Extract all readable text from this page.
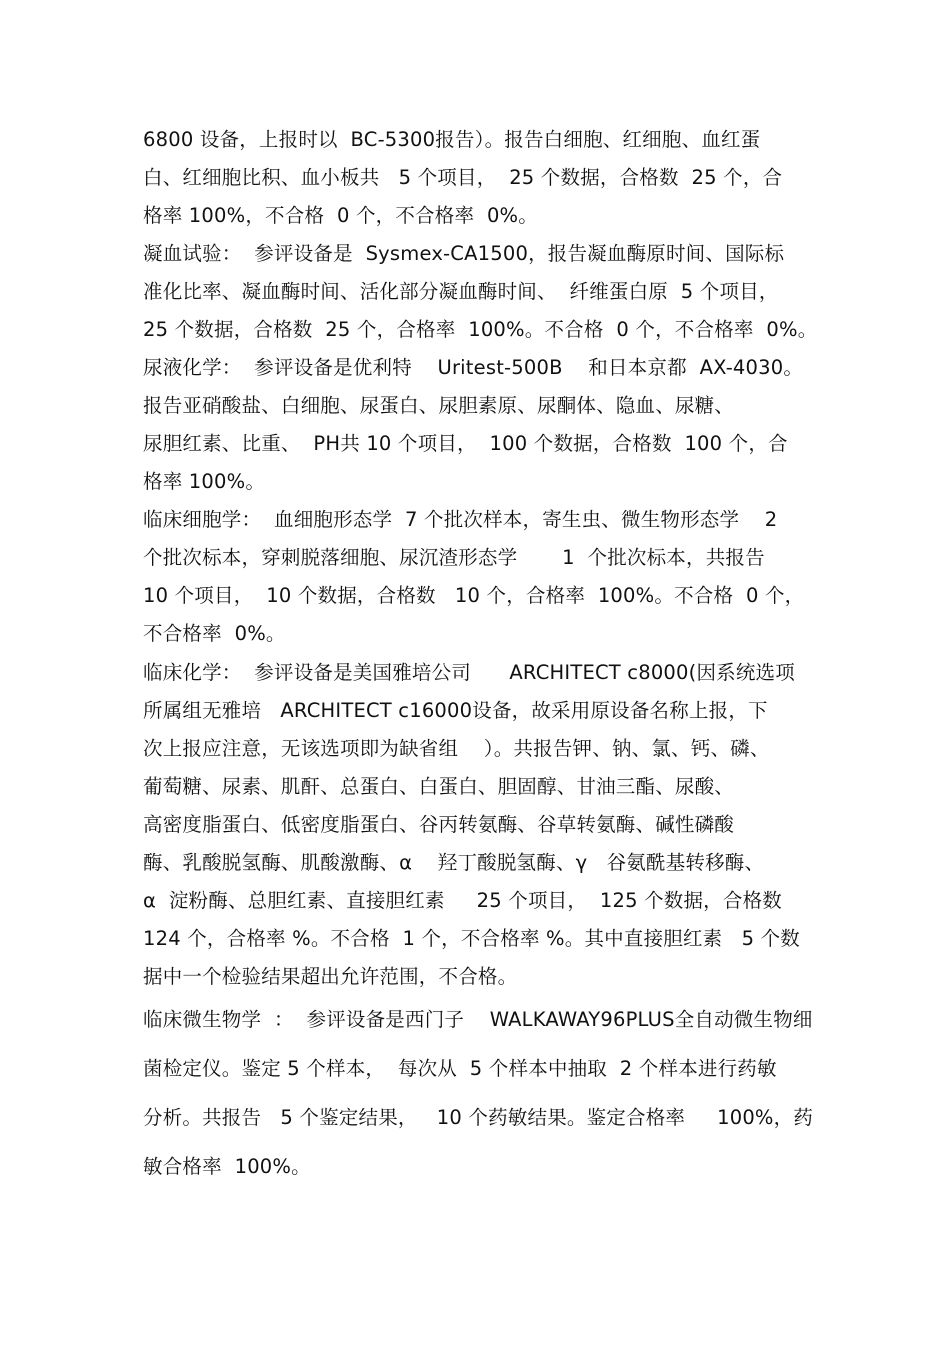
6800 设备，上报时以  BC-5300报告）。报告白细胞、红细胞、血红蛋
白、红细胞比积、血小板共   5 个项目，  25 个数据，合格数  25 个，合
格率 100%，不合格  0 个，不合格率  0%。
凝血试验：  参评设备是  Sysmex-CA1500，报告凝血酶原时间、国际标
准化比率、凝血酶时间、活化部分凝血酶时间、  纤维蛋白原  5 个项目，
25 个数据，合格数  25 个，合格率  100%。不合格  0 个，不合格率  0%。
尿液化学：  参评设备是优利特    Uritest-500B    和日本京都  AX-4030。
报告亚硝酸盐、白细胞、尿蛋白、尿胆素原、尿酮体、隐血、尿糖、
尿胆红素、比重、  PH共 10 个项目，  100 个数据，合格数  100 个，合
格率 100%。
临床细胞学：  血细胞形态学  7 个批次样本，寄生虫、微生物形态学    2
个批次标本，穿刺脱落细胞、尿沉渣形态学       1  个批次标本，共报告
10 个项目，  10 个数据，合格数   10 个，合格率  100%。不合格  0 个，
不合格率  0%。
临床化学：  参评设备是美国雅培公司      ARCHITECT c8000(因系统选项
所属组无雅培   ARCHITECT c16000设备，故采用原设备名称上报，下
次上报应注意，无该选项即为缺省组    ）。共报告钾、钠、氯、钙、磷、
葡萄糖、尿素、肌酐、总蛋白、白蛋白、胆固醇、甘油三酯、尿酸、
高密度脂蛋白、低密度脂蛋白、谷丙转氨酶、谷草转氨酶、碱性磷酸
酶、乳酸脱氢酶、肌酸激酶、α    羟丁酸脱氢酶、γ   谷氨酰基转移酶、
α  淀粉酶、总胆红素、直接胆红素     25 个项目，  125 个数据，合格数
124 个，合格率 %。不合格  1 个，不合格率 %。其中直接胆红素   5 个数
据中一个检验结果超出允许范围，不合格。
临床微生物学  ：  参评设备是西门子    WALKAWAY96PLUS全自动微生物细
菌检定仪。鉴定 5 个样本，  每次从  5 个样本中抽取  2 个样本进行药敏
分析。共报告   5 个鉴定结果，   10 个药敏结果。鉴定合格率     100%，药
敏合格率  100%。
